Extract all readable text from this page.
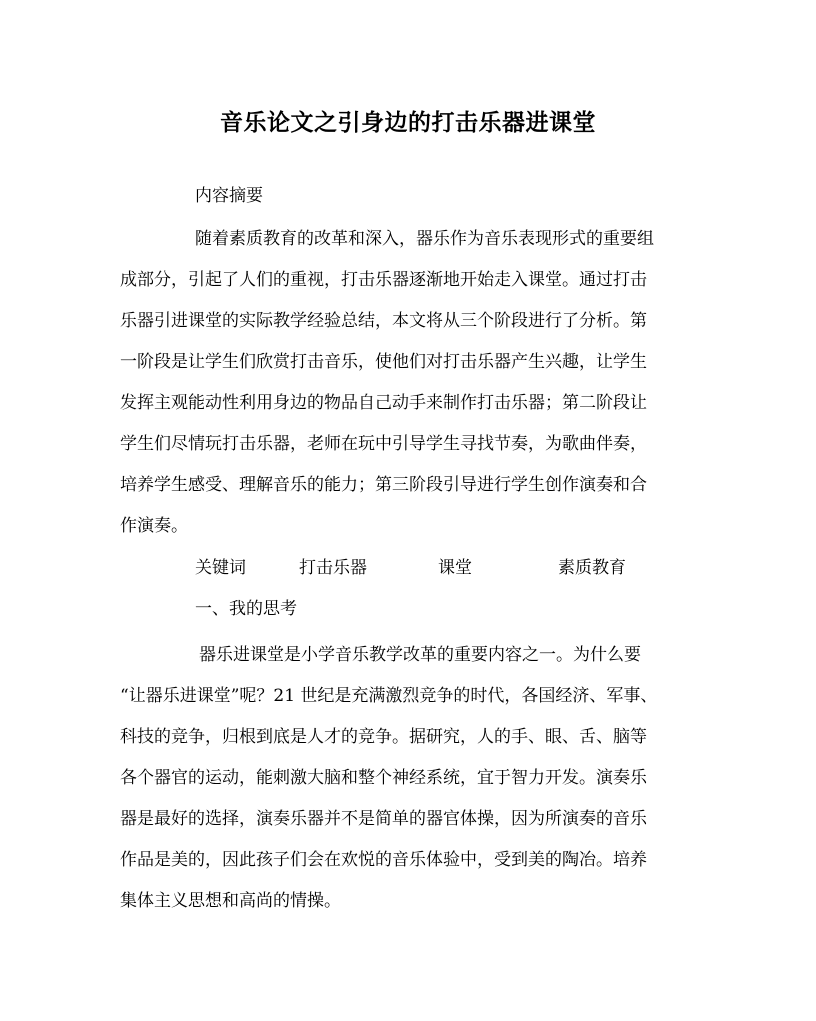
音乐论文之引身边的打击乐器进课堂
内容摘要
随着素质教育的改革和深入，器乐作为音乐表现形式的重要组
成部分，引起了人们的重视，打击乐器逐渐地开始走入课堂。通过打击
乐器引进课堂的实际教学经验总结，本文将从三个阶段进行了分析。第
一阶段是让学生们欣赏打击音乐，使他们对打击乐器产生兴趣，让学生
发挥主观能动性利用身边的物品自己动手来制作打击乐器；第二阶段让
学生们尽情玩打击乐器，老师在玩中引导学生寻找节奏，为歌曲伴奏，
培养学生感受、理解音乐的能力；第三阶段引导进行学生创作演奏和合
作演奏。
关键词	打击乐器	课堂	素质教育
一、我的思考
器乐进课堂是小学音乐教学改革的重要内容之一。为什么要
“让器乐进课堂”呢？21 世纪是充满激烈竞争的时代，各国经济、军事、
科技的竞争，归根到底是人才的竞争。据研究，人的手、眼、舌、脑等
各个器官的运动，能刺激大脑和整个神经系统，宜于智力开发。演奏乐
器是最好的选择，演奏乐器并不是简单的器官体操，因为所演奏的音乐
作品是美的，因此孩子们会在欢悦的音乐体验中，受到美的陶冶。培养
集体主义思想和高尚的情操。
